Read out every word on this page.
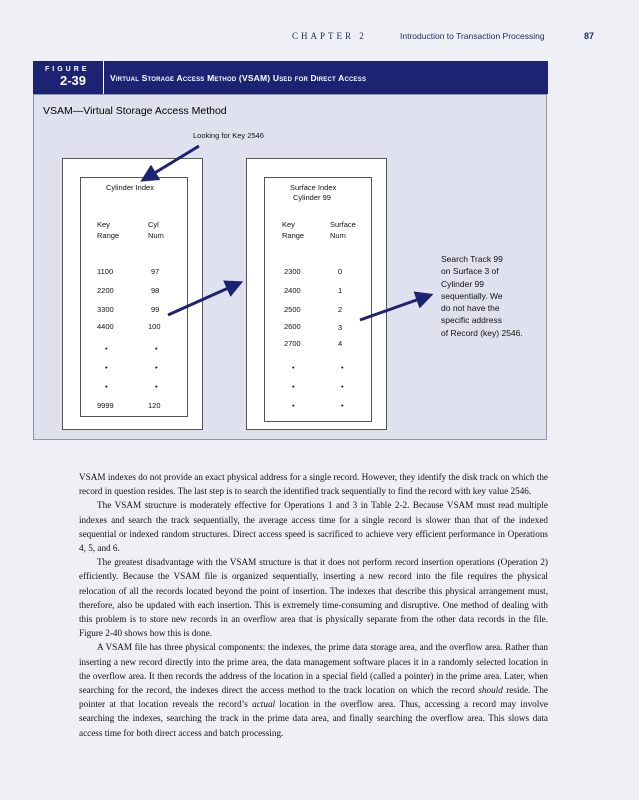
CHAPTER 2	Introduction to Transaction Processing	87
FIGURE
2-39	Virtual Storage Access Method (VSAM) Used for Direct Access
VSAM—Virtual Storage Access Method
Looking for Key 2546
Cylinder Index
Key
Range
Cyl
Num
1100	97
2200	98
3300	99
4400	100
•	•
•	•
•	•
9999	120
Surface Index
Cylinder 99
Key
Range
Surface
Num
2300	0
2400	1
2500	2
2600	3
2700	4
•	•
•	•
•	•
Search Track 99
on Surface 3 of
Cylinder 99
sequentially. We
do not have the
specific address
of Record (key) 2546.

VSAM indexes do not provide an exact physical address for a single record. However, they identify the disk track on which the record in question resides. The last step is to search the identified track sequentially to find the record with key value 2546.

The VSAM structure is moderately effective for Operations 1 and 3 in Table 2-2. Because VSAM must read multiple indexes and search the track sequentially, the average access time for a single record is slower than that of the indexed sequential or indexed random structures. Direct access speed is sacrificed to achieve very efficient performance in Operations 4, 5, and 6.

The greatest disadvantage with the VSAM structure is that it does not perform record insertion operations (Operation 2) efficiently. Because the VSAM file is organized sequentially, inserting a new record into the file requires the physical relocation of all the records located beyond the point of insertion. The indexes that describe this physical arrangement must, therefore, also be updated with each insertion. This is extremely time-consuming and disruptive. One method of dealing with this problem is to store new records in an overflow area that is physically separate from the other data records in the file. Figure 2-40 shows how this is done.

A VSAM file has three physical components: the indexes, the prime data storage area, and the overflow area. Rather than inserting a new record directly into the prime area, the data management software places it in a randomly selected location in the overflow area. It then records the address of the location in a special field (called a pointer) in the prime area. Later, when searching for the record, the indexes direct the access method to the track location on which the record should reside. The pointer at that location reveals the record’s actual location in the overflow area. Thus, accessing a record may involve searching the indexes, searching the track in the prime data area, and finally searching the overflow area. This slows data access time for both direct access and batch processing.
